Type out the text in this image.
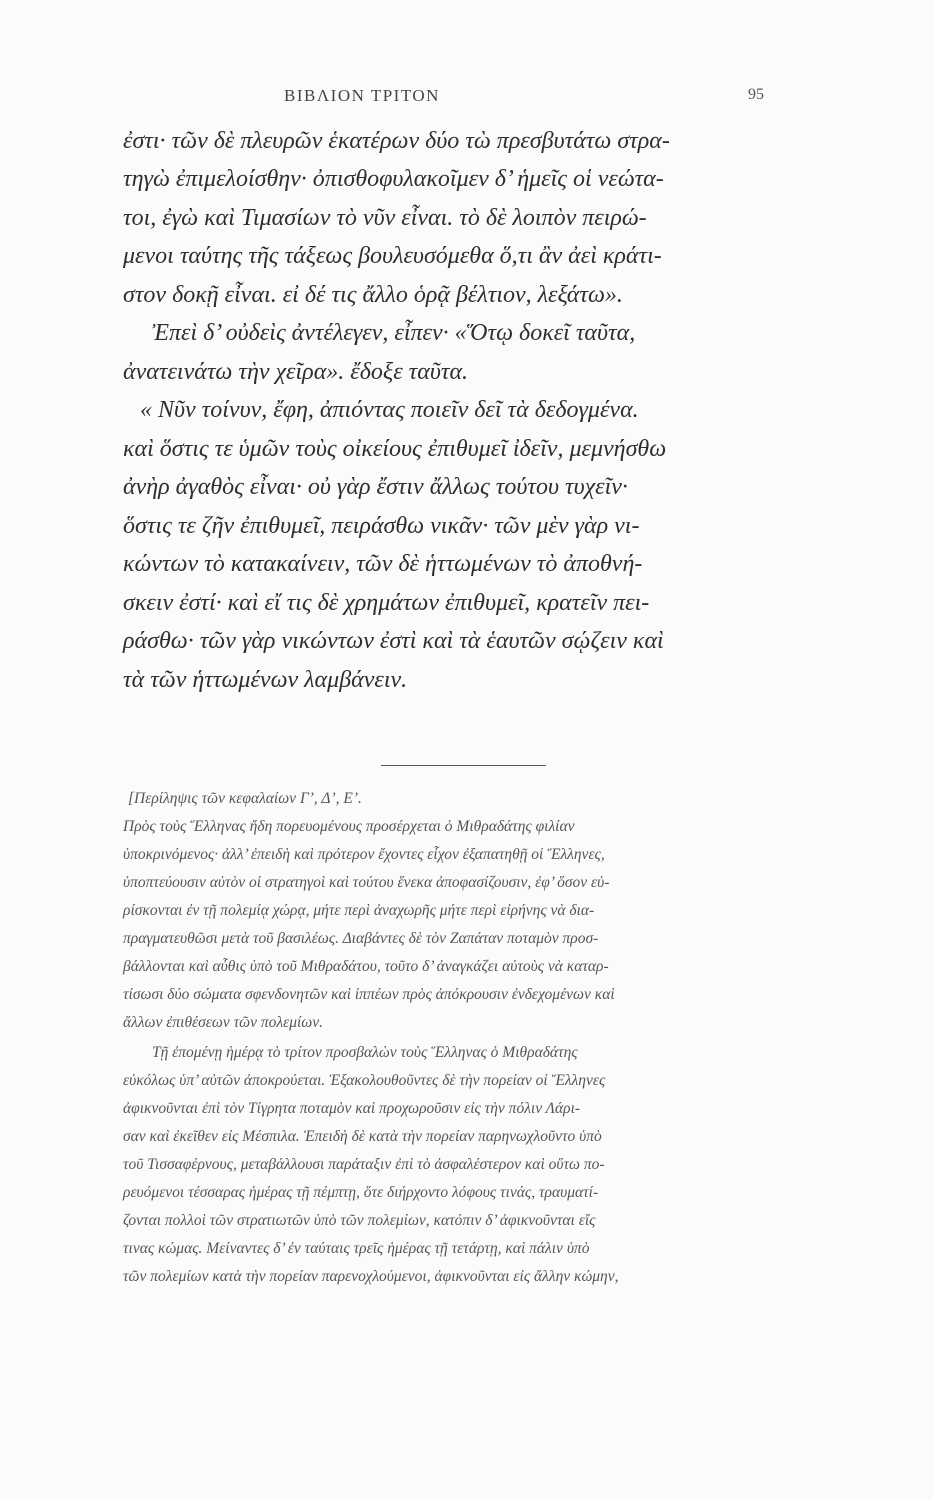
ΒΙΒΛΙΟΝ ΤΡΙΤΟΝ	95
ἐστι· τῶν δὲ πλευρῶν ἑκατέρων δύο τὼ πρεσβυτάτω στρα-
τηγὼ ἐπιμελοίσθην· ὀπισθοφυλακοῖμεν δ’ ἡμεῖς οἱ νεώτα-
τοι, ἐγὼ καὶ Τιμασίων τὸ νῦν εἶναι. τὸ δὲ λοιπὸν πειρώ-
μενοι ταύτης τῆς τάξεως βουλευσόμεθα ὅ,τι ἂν ἀεὶ κράτι-
στον δοκῇ εἶναι. εἰ δέ τις ἄλλο ὁρᾷ βέλτιον, λεξάτω».
Ἐπεὶ δ’ οὐδεὶς ἀντέλεγεν, εἶπεν· «Ὅτῳ δοκεῖ ταῦτα,
ἀνατεινάτω τὴν χεῖρα». ἔδοξε ταῦτα.
« Νῦν τοίνυν, ἔφη, ἀπιόντας ποιεῖν δεῖ τὰ δεδογμένα.
καὶ ὅστις τε ὑμῶν τοὺς οἰκείους ἐπιθυμεῖ ἰδεῖν, μεμνήσθω
ἀνὴρ ἀγαθὸς εἶναι· οὐ γὰρ ἔστιν ἄλλως τούτου τυχεῖν·
ὅστις τε ζῆν ἐπιθυμεῖ, πειράσθω νικᾶν· τῶν μὲν γὰρ νι-
κώντων τὸ κατακαίνειν, τῶν δὲ ἡττωμένων τὸ ἀποθνή-
σκειν ἐστί· καὶ εἴ τις δὲ χρημάτων ἐπιθυμεῖ, κρατεῖν πει-
ράσθω· τῶν γὰρ νικώντων ἐστὶ καὶ τὰ ἑαυτῶν σῴζειν καὶ
τὰ τῶν ἡττωμένων λαμβάνειν.
[Περίληψις τῶν κεφαλαίων Γ’, Δ’, Ε’.
Πρὸς τοὺς Ἕλληνας ἤδη πορευομένους προσέρχεται ὁ Μιθραδάτης φιλίαν
ὑποκρινόμενος· ἀλλ’ ἐπειδὴ καὶ πρότερον ἔχοντες εἶχον ἐξαπατηθῇ οἱ Ἕλληνες,
ὑποπτεύουσιν αὐτὸν οἱ στρατηγοὶ καὶ τούτου ἕνεκα ἀποφασίζουσιν, ἐφ’ ὅσον εὑ-
ρίσκονται ἐν τῇ πολεμίᾳ χώρᾳ, μήτε περὶ ἀναχωρῆς μήτε περὶ εἰρήνης νὰ δια-
πραγματευθῶσι μετὰ τοῦ βασιλέως. Διαβάντες δὲ τὸν Ζαπάταν ποταμὸν προσ-
βάλλονται καὶ αὖθις ὑπὸ τοῦ Μιθραδάτου, τοῦτο δ’ ἀναγκάζει αὐτοὺς νὰ καταρ-
τίσωσι δύο σώματα σφενδονητῶν καὶ ἱππέων πρὸς ἀπόκρουσιν ἐνδεχομένων καὶ
ἄλλων ἐπιθέσεων τῶν πολεμίων.
Τῇ ἐπομένῃ ἡμέρᾳ τὸ τρίτον προσβαλὼν τοὺς Ἕλληνας ὁ Μιθραδάτης
εὐκόλως ὑπ’ αὐτῶν ἀποκρούεται. Ἐξακολουθοῦντες δὲ τὴν πορείαν οἱ Ἕλληνες
ἀφικνοῦνται ἐπὶ τὸν Τίγρητα ποταμὸν καὶ προχωροῦσιν εἰς τὴν πόλιν Λάρι-
σαν καὶ ἐκεῖθεν εἰς Μέσπιλα. Ἐπειδὴ δὲ κατὰ τὴν πορείαν παρηνωχλοῦντο ὑπὸ
τοῦ Τισσαφέρνους, μεταβάλλουσι παράταξιν ἐπὶ τὸ ἀσφαλέστερον καὶ οὕτω πο-
ρευόμενοι τέσσαρας ἡμέρας τῇ πέμπτῃ, ὅτε διήρχοντο λόφους τινάς, τραυματί-
ζονται πολλοὶ τῶν στρατιωτῶν ὑπὸ τῶν πολεμίων, κατόπιν δ’ ἀφικνοῦνται εἴς
τινας κώμας. Μείναντες δ’ ἐν ταύταις τρεῖς ἡμέρας τῇ τετάρτῃ, καὶ πάλιν ὑπὸ
τῶν πολεμίων κατὰ τὴν πορείαν παρενοχλούμενοι, ἀφικνοῦνται εἰς ἄλλην κώμην,
